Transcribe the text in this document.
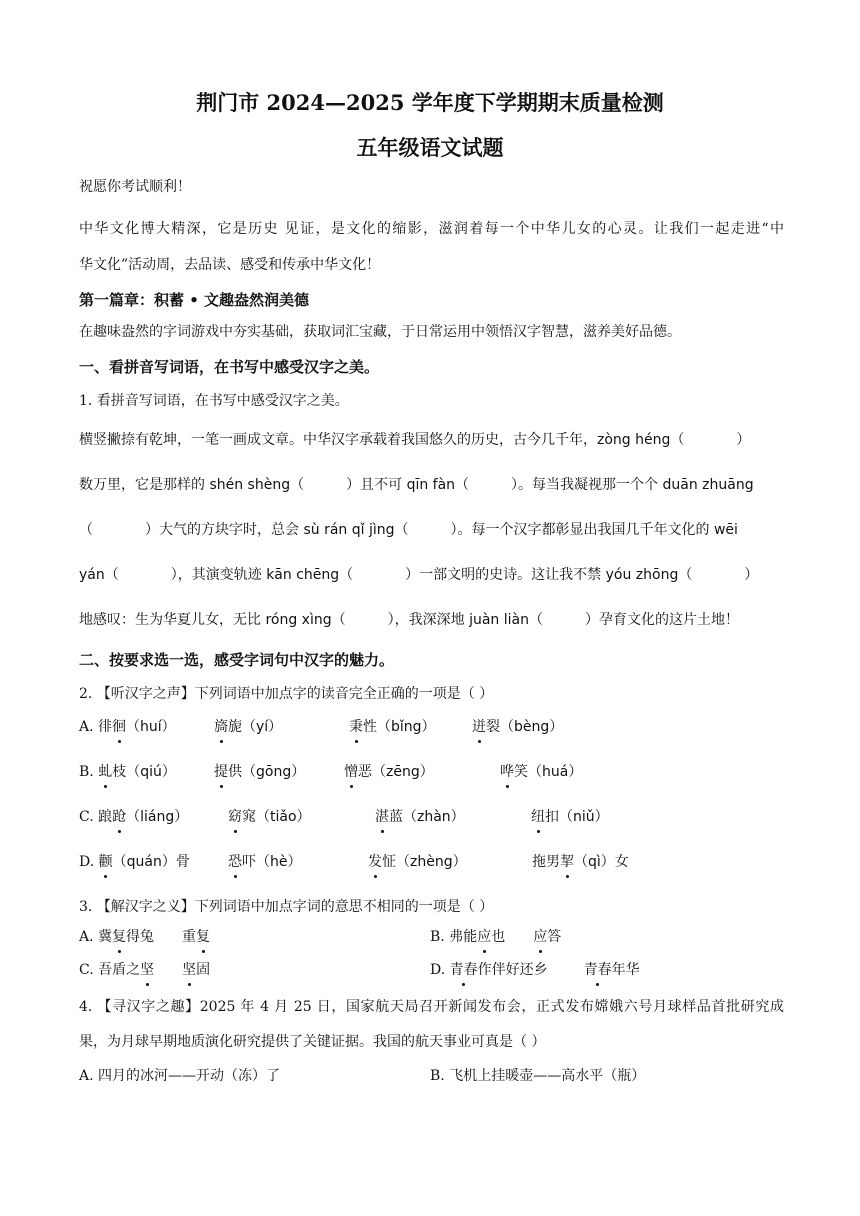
荆门市 2024—2025 学年度下学期期末质量检测
五年级语文试题
祝愿你考试顺利！
中华文化博大精深，它是历史 见证，是文化的缩影，滋润着每一个中华儿女的心灵。让我们一起走进“中
华文化”活动周，去品读、感受和传承中华文化！
第一篇章：积蓄 • 文趣盎然润美德
在趣味盎然的字词游戏中夯实基础，获取词汇宝藏，于日常运用中领悟汉字智慧，滋养美好品德。
一、看拼音写词语，在书写中感受汉字之美。
1. 看拼音写词语，在书写中感受汉字之美。
横竖撇捺有乾坤，一笔一画成文章。中华汉字承载着我国悠久的历史，古今几千年，zòng héng（	）
数万里，它是那样的 shén shèng（	）且不可 qīn fàn（	）。每当我凝视那一个个 duān zhuāng
（	）大气的方块字时，总会 sù rán qǐ jìng（	）。每一个汉字都彰显出我国几千年文化的 wēi
yán（	），其演变轨迹 kān chēng（	）一部文明的史诗。这让我不禁 yóu zhōng（	）
地感叹：生为华夏儿女，无比 róng xìng（	），我深深地 juàn liàn（	）孕育文化的这片土地！
二、按要求选一选，感受字词句中汉字的魅力。
2. 【听汉字之声】下列词语中加点字的读音完全正确的一项是（ ）
A. 徘徊（huí）	旖旎（yí）	秉性（bǐng）	迸裂（bèng）
B. 虬枝（qiú）	提供（gōng）	憎恶（zēng）	哗笑（huá）
C. 踉跄（liáng）	窈窕（tiǎo）	湛蓝（zhàn）	纽扣（niǔ）
D. 颧（quán）骨	恐吓（hè）	发怔（zhèng）	拖男挈（qì）女
3. 【解汉字之义】下列词语中加点字词的意思不相同的一项是（ ）
A. 冀复得兔 重复	B. 弗能应也 应答
C. 吾盾之坚 坚固	D. 青春作伴好还乡	青春年华
4. 【寻汉字之趣】2025 年 4 月 25 日，国家航天局召开新闻发布会，正式发布嫦娥六号月球样品首批研究成
果，为月球早期地质演化研究提供了关键证据。我国的航天事业可真是（ ）
A. 四月的冰河——开动（冻）了	B. 飞机上挂暖壶——高水平（瓶）
